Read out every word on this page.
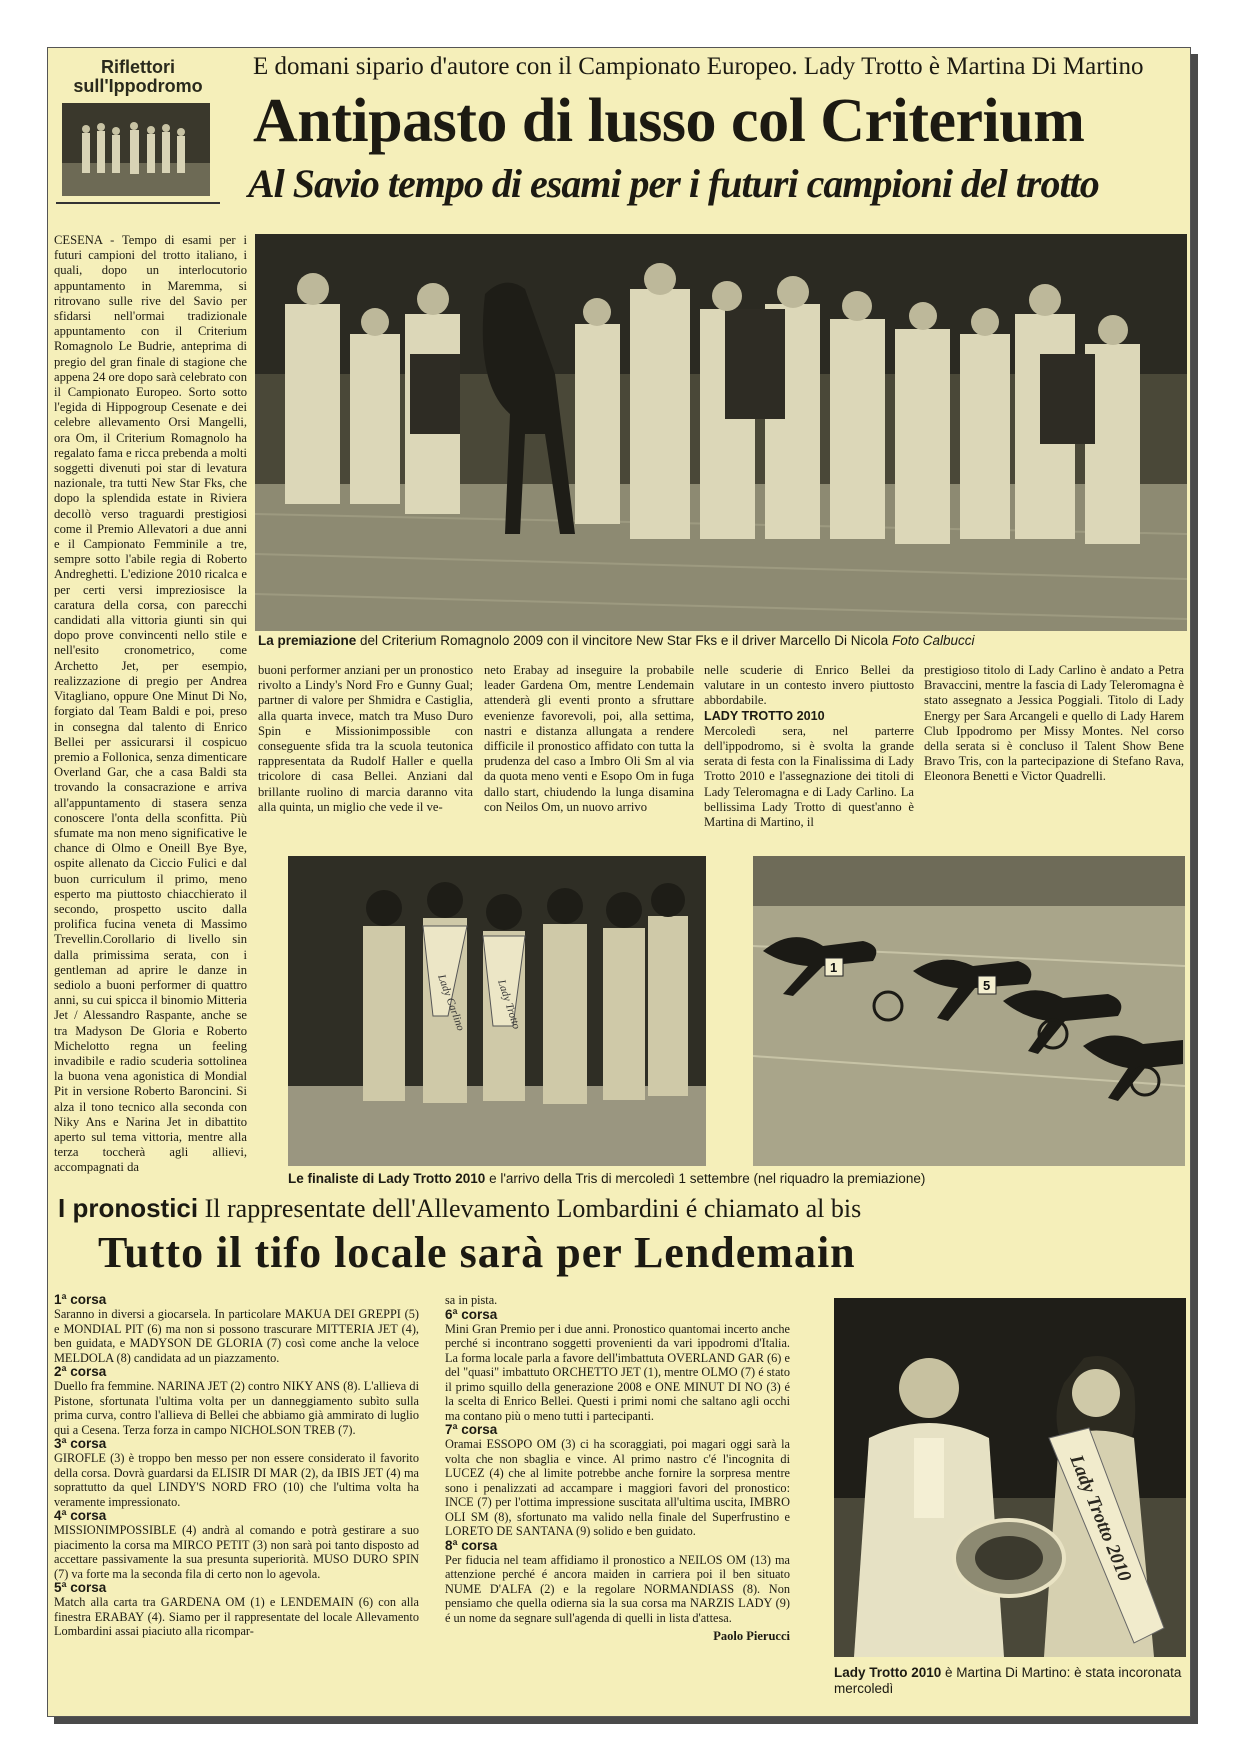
Riflettori
sull'Ippodromo
E domani sipario d'autore con il Campionato Europeo. Lady Trotto è Martina Di Martino
Antipasto di lusso col Criterium
Al Savio tempo di esami per i futuri campioni del trotto

CESENA - Tempo di esami per i futuri campioni del trotto italiano, i quali, dopo un interlocutorio appuntamento in Maremma, si ritrovano sulle rive del Savio per sfidarsi nell'ormai tradizionale appuntamento con il Criterium Romagnolo Le Budrie, anteprima di pregio del gran finale di stagione che appena 24 ore dopo sarà celebrato con il Campionato Europeo. Sorto sotto l'egida di Hippogroup Cesenate e dei celebre allevamento Orsi Mangelli, ora Om, il Criterium Romagnolo ha regalato fama e ricca prebenda a molti soggetti divenuti poi star di levatura nazionale, tra tutti New Star Fks, che dopo la splendida estate in Riviera decollò verso traguardi prestigiosi come il Premio Allevatori a due anni e il Campionato Femminile a tre, sempre sotto l'abile regia di Roberto Andreghetti. L'edizione 2010 ricalca e per certi versi impreziosisce la caratura della corsa, con parecchi candidati alla vittoria giunti sin qui dopo prove convincenti nello stile e nell'esito cronometrico, come Archetto Jet, per esempio, realizzazione di pregio per Andrea Vitagliano, oppure One Minut Di No, forgiato dal Team Baldi e poi, preso in consegna dal talento di Enrico Bellei per assicurarsi il cospicuo premio a Follonica, senza dimenticare Overland Gar, che a casa Baldi sta trovando la consacrazione e arriva all'appuntamento di stasera senza conoscere l'onta della sconfitta. Più sfumate ma non meno significative le chance di Olmo e Oneill Bye Bye, ospite allenato da Ciccio Fulici e dal buon curriculum il primo, meno esperto ma piuttosto chiacchierato il secondo, prospetto uscito dalla prolifica fucina veneta di Massimo Trevellin.Corollario di livello sin dalla primissima serata, con i gentleman ad aprire le danze in sediolo a buoni performer di quattro anni, su cui spicca il binomio Mitteria Jet / Alessandro Raspante, anche se tra Madyson De Gloria e Roberto Michelotto regna un feeling invadibile e radio scuderia sottolinea la buona vena agonistica di Mondial Pit in versione Roberto Baroncini. Si alza il tono tecnico alla seconda con Niky Ans e Narina Jet in dibattito aperto sul tema vittoria, mentre alla terza toccherà agli allievi, accompagnati da

La premiazione del Criterium Romagnolo 2009 con il vincitore New Star Fks e il driver Marcello Di Nicola Foto Calbucci

buoni performer anziani per un pronostico rivolto a Lindy's Nord Fro e Gunny Gual; partner di valore per Shmidra e Castiglia, alla quarta invece, match tra Muso Duro Spin e Missionimpossible con conseguente sfida tra la scuola teutonica rappresentata da Rudolf Haller e quella tricolore di casa Bellei. Anziani dal brillante ruolino di marcia daranno vita alla quinta, un miglio che vede il ve-

neto Erabay ad inseguire la probabile leader Gardena Om, mentre Lendemain attenderà gli eventi pronto a sfruttare evenienze favorevoli, poi, alla settima, nastri e distanza allungata a rendere difficile il pronostico affidato con tutta la prudenza del caso a Imbro Oli Sm al via da quota meno venti e Esopo Om in fuga dallo start, chiudendo la lunga disamina con Neilos Om, un nuovo arrivo

nelle scuderie di Enrico Bellei da valutare in un contesto invero piuttosto abbordabile.

LADY TROTTO 2010

Mercoledì sera, nel parterre dell'ippodromo, si è svolta la grande serata di festa con la Finalissima di Lady Trotto 2010 e l'assegnazione dei titoli di Lady Teleromagna e di Lady Carlino. La bellissima Lady Trotto di quest'anno è Martina di Martino, il

prestigioso titolo di Lady Carlino è andato a Petra Bravaccini, mentre la fascia di Lady Teleromagna è stato assegnato a Jessica Poggiali. Titolo di Lady Energy per Sara Arcangeli e quello di Lady Harem Club Ippodromo per Missy Montes. Nel corso della serata si è concluso il Talent Show Bene Bravo Tris, con la partecipazione di Stefano Rava, Eleonora Benetti e Victor Quadrelli.

Lady Carlino	Lady Trotto
1
5
Le finaliste di Lady Trotto 2010 e l'arrivo della Tris di mercoledì 1 settembre (nel riquadro la premiazione)
I pronostici Il rappresentate dell'Allevamento Lombardini é chiamato al bis
Tutto il tifo locale sarà per Lendemain
1ª corsa

Saranno in diversi a giocarsela. In particolare MAKUA DEI GREPPI (5) e MONDIAL PIT (6) ma non si possono trascurare MITTERIA JET (4), ben guidata, e MADYSON DE GLORIA (7) così come anche la veloce MELDOLA (8) candidata ad un piazzamento.

2ª corsa

Duello fra femmine. NARINA JET (2) contro NIKY ANS (8). L'allieva di Pistone, sfortunata l'ultima volta per un danneggiamento subìto sulla prima curva, contro l'allieva di Bellei che abbiamo già ammirato di luglio qui a Cesena. Terza forza in campo NICHOLSON TREB (7).

3ª corsa

GIROFLE (3) è troppo ben messo per non essere considerato il favorito della corsa. Dovrà guardarsi da ELISIR DI MAR (2), da IBIS JET (4) ma soprattutto da quel LINDY'S NORD FRO (10) che l'ultima volta ha veramente impressionato.

4ª corsa

MISSIONIMPOSSIBLE (4) andrà al comando e potrà gestirare a suo piacimento la corsa ma MIRCO PETIT (3) non sarà poi tanto disposto ad accettare passivamente la sua presunta superiorità. MUSO DURO SPIN (7) va forte ma la seconda fila di certo non lo agevola.

5ª corsa

Match alla carta tra GARDENA OM (1) e LENDEMAIN (6) con alla finestra ERABAY (4). Siamo per il rappresentate del locale Allevamento Lombardini assai piaciuto alla ricompar-

sa in pista.

6ª corsa

Mini Gran Premio per i due anni. Pronostico quantomai incerto anche perché si incontrano soggetti provenienti da vari ippodromi d'Italia. La forma locale parla a favore dell'imbattuta OVERLAND GAR (6) e del "quasi" imbattuto ORCHETTO JET (1), mentre OLMO (7) é stato il primo squillo della generazione 2008 e ONE MINUT DI NO (3) é la scelta di Enrico Bellei. Questi i primi nomi che saltano agli occhi ma contano più o meno tutti i partecipanti.

7ª corsa

Oramai ESSOPO OM (3) ci ha scoraggiati, poi magari oggi sarà la volta che non sbaglia e vince. Al primo nastro c'é l'incognita di LUCEZ (4) che al limite potrebbe anche fornire la sorpresa mentre sono i penalizzati ad accampare i maggiori favori del pronostico: INCE (7) per l'ottima impressione suscitata all'ultima uscita, IMBRO OLI SM (8), sfortunato ma valido nella finale del Superfrustino e LORETO DE SANTANA (9) solido e ben guidato.

8ª corsa

Per fiducia nel team affidiamo il pronostico a NEILOS OM (13) ma attenzione perché é ancora maiden in carriera poi il ben situato NUME D'ALFA (2) e la regolare NORMANDIASS (8). Non pensiamo che quella odierna sia la sua corsa ma NARZIS LADY (9) é un nome da segnare sull'agenda di quelli in lista d'attesa.

Paolo Pierucci
Lady Trotto 2010
Lady Trotto 2010 è Martina Di Martino: è stata incoronata mercoledì
